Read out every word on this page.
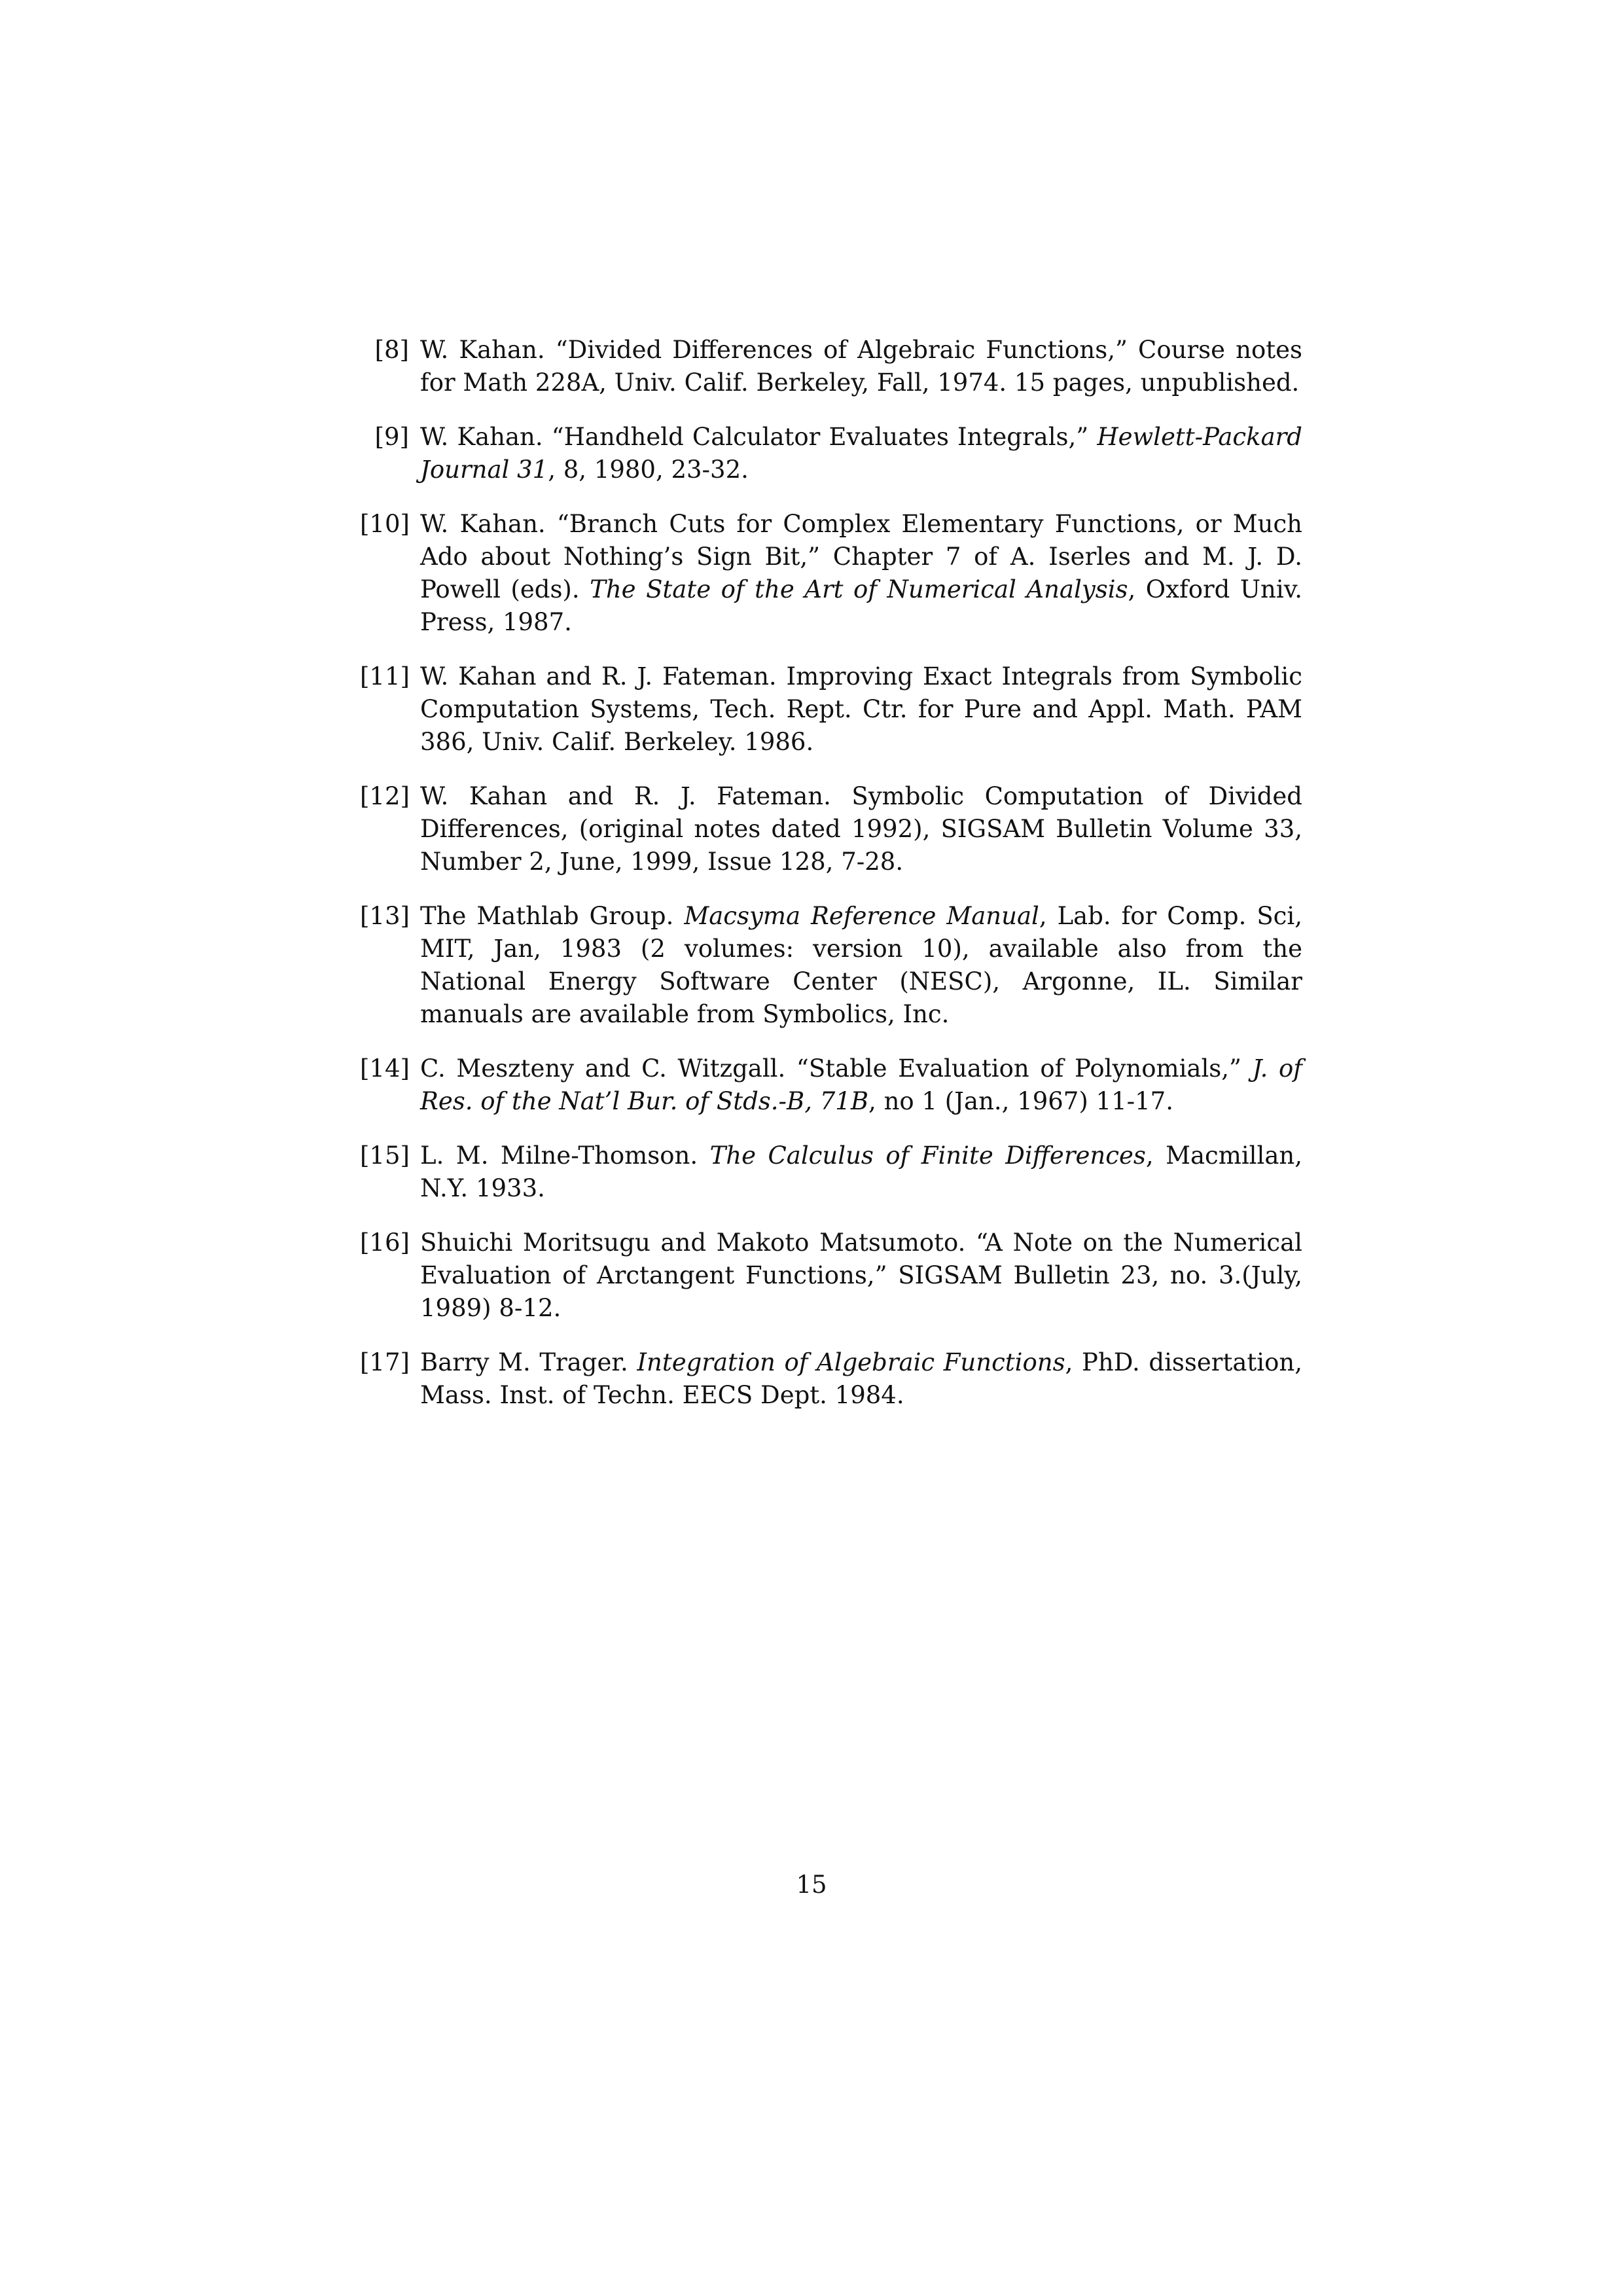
[8] W. Kahan. “Divided Differences of Algebraic Functions,” Course notes for Math 228A, Univ. Calif. Berkeley, Fall, 1974. 15 pages, unpublished.
[9] W. Kahan. “Handheld Calculator Evaluates Integrals,” Hewlett-Packard Journal 31, 8, 1980, 23-32.
[10] W. Kahan. “Branch Cuts for Complex Elementary Functions, or Much Ado about Nothing’s Sign Bit,” Chapter 7 of A. Iserles and M. J. D. Powell (eds). The State of the Art of Numerical Analysis, Oxford Univ. Press, 1987.
[11] W. Kahan and R. J. Fateman. Improving Exact Integrals from Symbolic Computation Systems, Tech. Rept. Ctr. for Pure and Appl. Math. PAM 386, Univ. Calif. Berkeley. 1986.
[12] W. Kahan and R. J. Fateman. Symbolic Computation of Divided Differences, (original notes dated 1992), SIGSAM Bulletin Volume 33, Number 2, June, 1999, Issue 128, 7-28.
[13] The Mathlab Group. Macsyma Reference Manual, Lab. for Comp. Sci, MIT, Jan, 1983 (2 volumes: version 10), available also from the National Energy Software Center (NESC), Argonne, IL. Similar manuals are available from Symbolics, Inc.
[14] C. Meszteny and C. Witzgall. “Stable Evaluation of Polynomials,” J. of Res. of the Nat’l Bur. of Stds.-B, 71B, no 1 (Jan., 1967) 11-17.
[15] L. M. Milne-Thomson. The Calculus of Finite Differences, Macmillan, N.Y. 1933.
[16] Shuichi Moritsugu and Makoto Matsumoto. “A Note on the Numerical Evaluation of Arctangent Functions,” SIGSAM Bulletin 23, no. 3.(July, 1989) 8-12.
[17] Barry M. Trager. Integration of Algebraic Functions, PhD. dissertation, Mass. Inst. of Techn. EECS Dept. 1984.
15
